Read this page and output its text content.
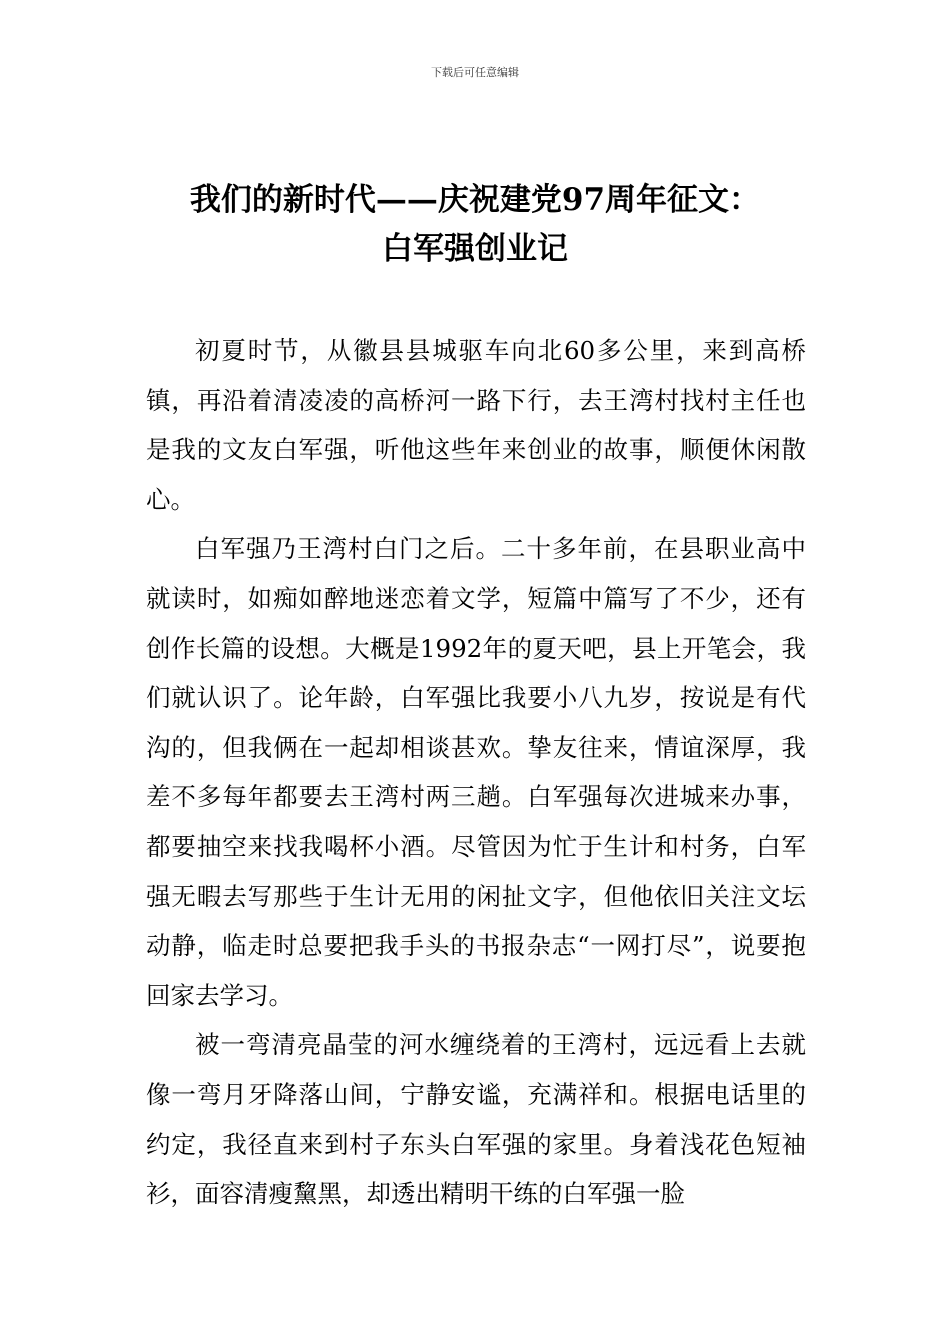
下载后可任意编辑
我们的新时代——庆祝建党97周年征文：
白军强创业记

初夏时节，从徽县县城驱车向北60多公里，来到高桥镇，再沿着清凌凌的高桥河一路下行，去王湾村找村主任也是我的文友白军强，听他这些年来创业的故事，顺便休闲散心。

白军强乃王湾村白门之后。二十多年前，在县职业高中就读时，如痴如醉地迷恋着文学，短篇中篇写了不少，还有创作长篇的设想。大概是1992年的夏天吧，县上开笔会，我们就认识了。论年龄，白军强比我要小八九岁，按说是有代沟的，但我俩在一起却相谈甚欢。挚友往来，情谊深厚，我差不多每年都要去王湾村两三趟。白军强每次进城来办事，都要抽空来找我喝杯小酒。尽管因为忙于生计和村务，白军强无暇去写那些于生计无用的闲扯文字，但他依旧关注文坛动静，临走时总要把我手头的书报杂志“一网打尽”，说要抱回家去学习。

被一弯清亮晶莹的河水缠绕着的王湾村，远远看上去就像一弯月牙降落山间，宁静安谧，充满祥和。根据电话里的约定，我径直来到村子东头白军强的家里。身着浅花色短袖衫，面容清瘦黧黑，却透出精明干练的白军强一脸
